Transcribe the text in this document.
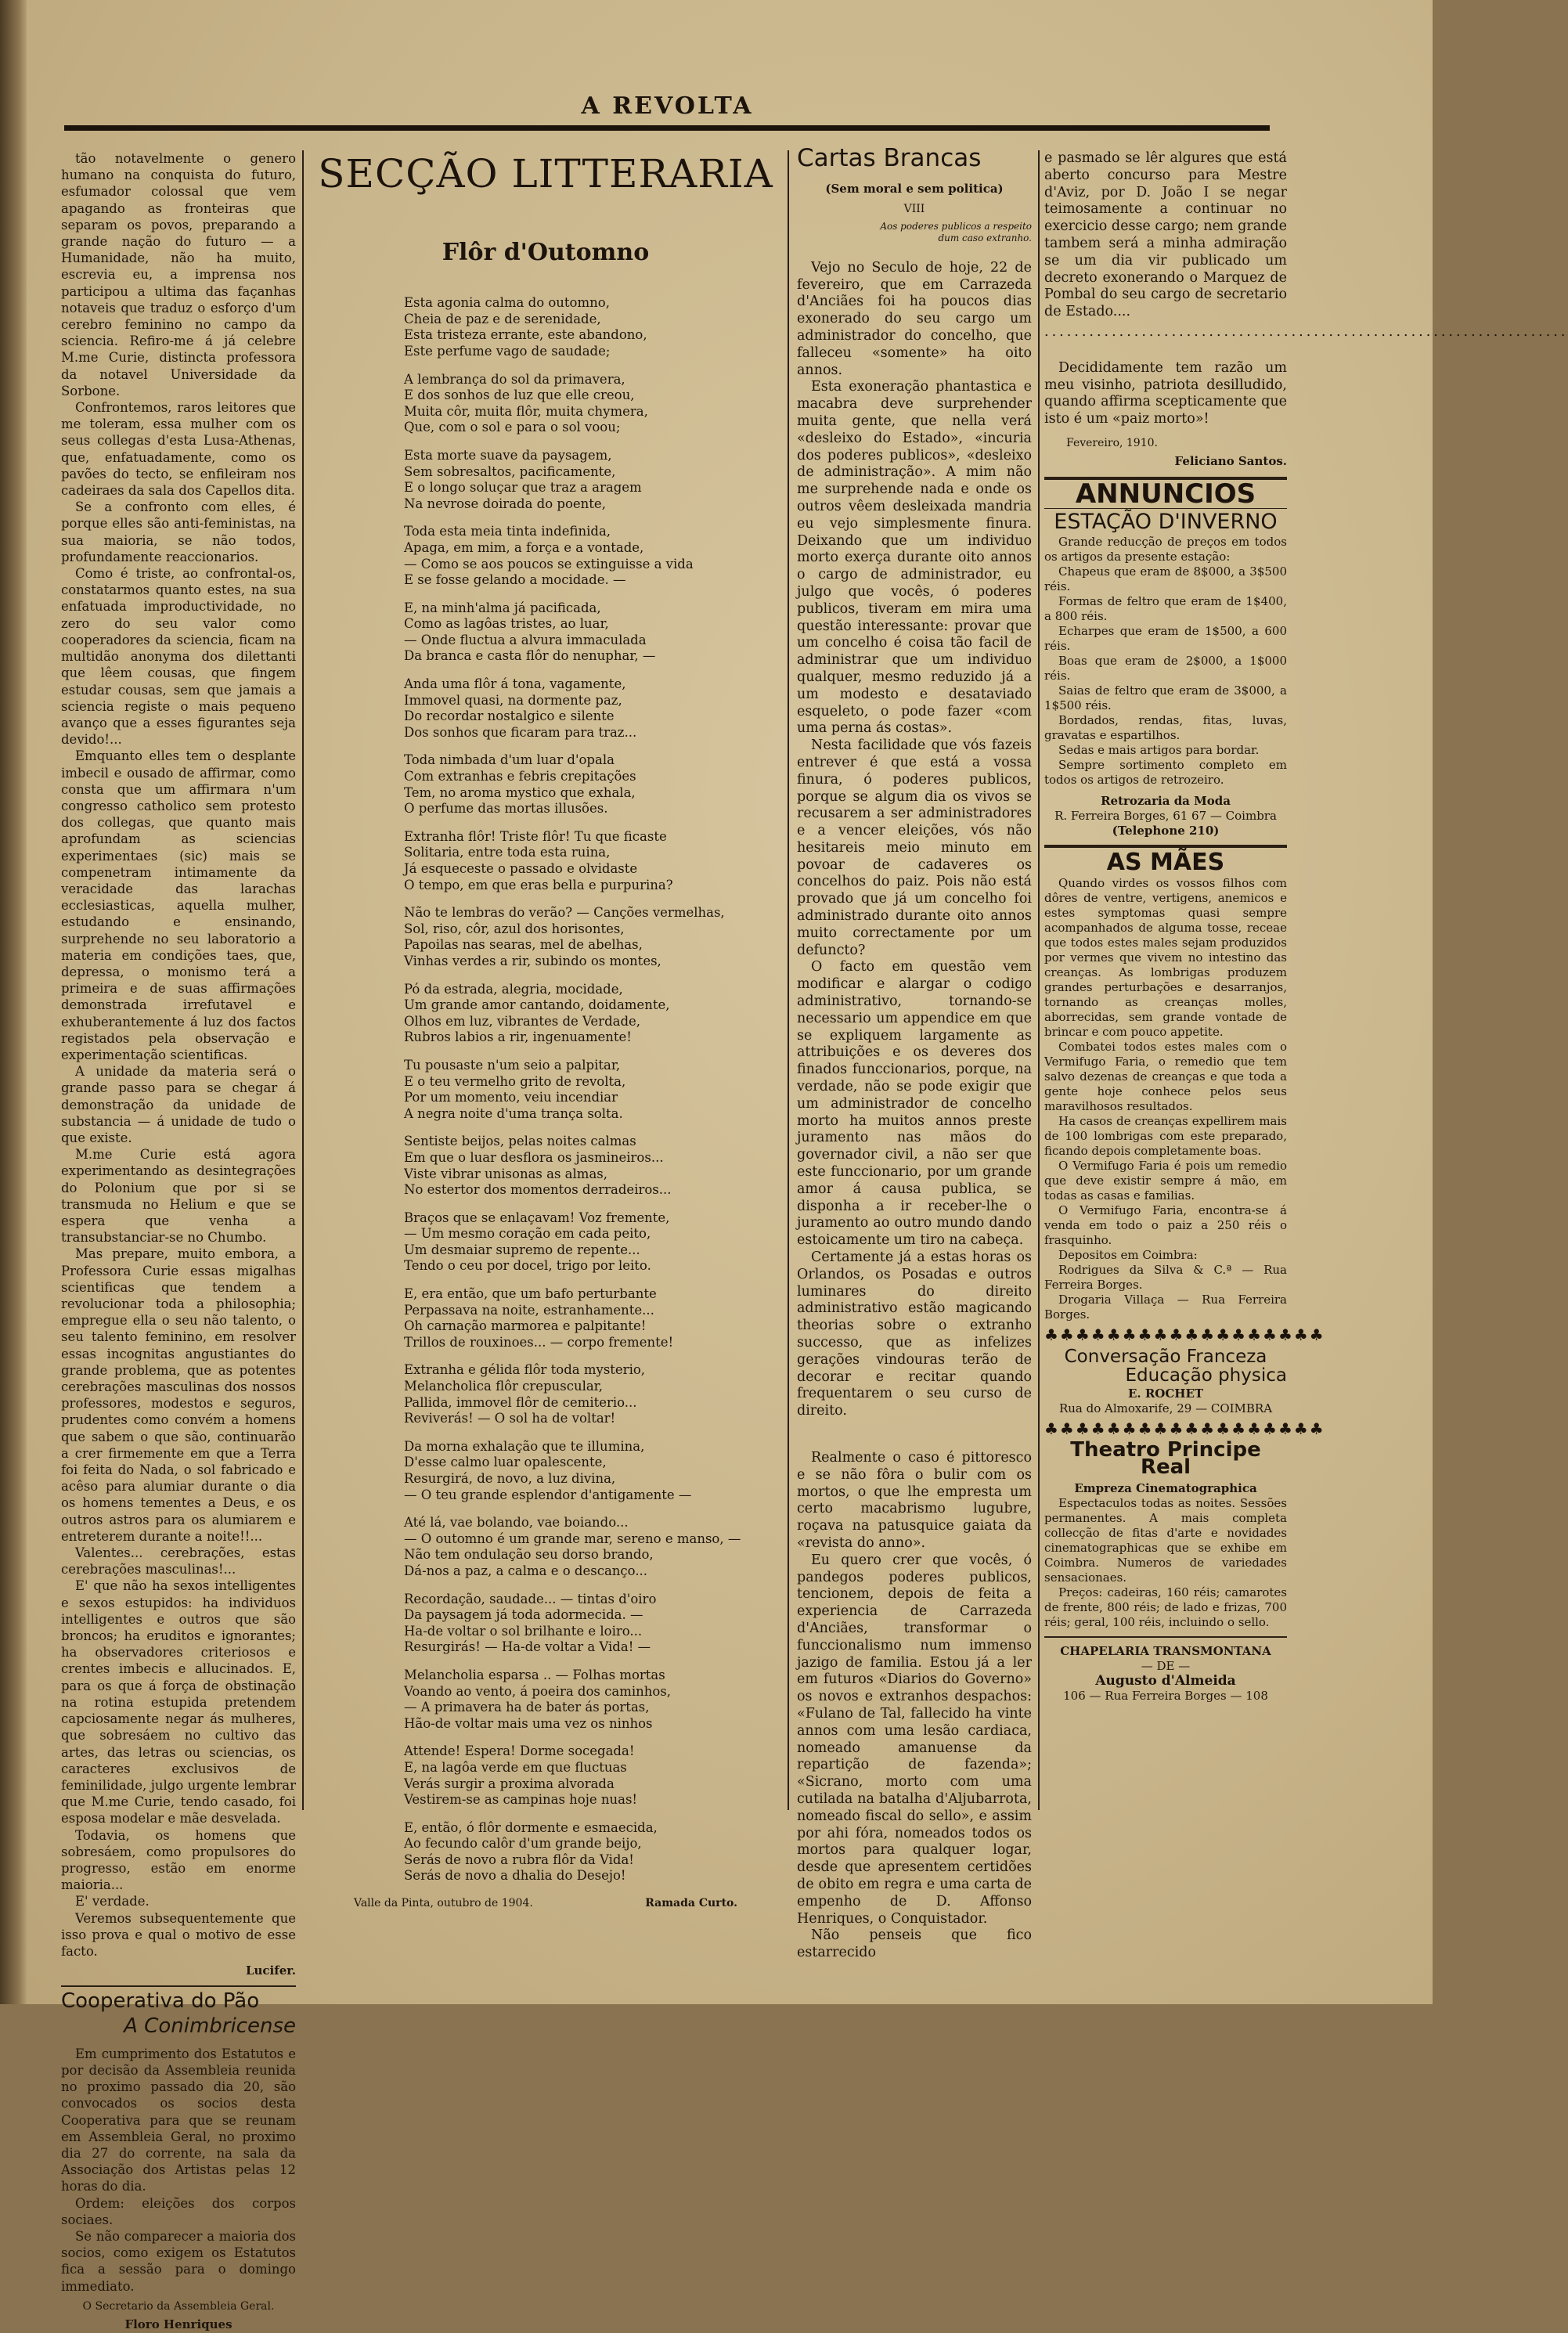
A REVOLTA

tão notavelmente o genero humano na conquista do futuro, esfumador colossal que vem apagando as fronteiras que separam os povos, preparando a grande nação do futuro — a Humanidade, não ha muito, escrevia eu, a imprensa nos participou a ultima das façanhas notaveis que traduz o esforço d'um cerebro feminino no campo da sciencia. Refiro-me á já celebre M.me Curie, distincta professora da notavel Universidade da Sorbone.

Confrontemos, raros leitores que me toleram, essa mulher com os seus collegas d'esta Lusa-Athenas, que, enfatuadamente, como os pavões do tecto, se enfileiram nos cadeiraes da sala dos Capellos dita.

Se a confronto com elles, é porque elles são anti-feministas, na sua maioria, se não todos, profundamente reaccionarios.

Como é triste, ao confrontal-os, constatarmos quanto estes, na sua enfatuada improductividade, no zero do seu valor como cooperadores da sciencia, ficam na multidão anonyma dos dilettanti que lêem cousas, que fingem estudar cousas, sem que jamais a sciencia registe o mais pequeno avanço que a esses figurantes seja devido!...

Emquanto elles tem o desplante imbecil e ousado de affirmar, como consta que um affirmara n'um congresso catholico sem protesto dos collegas, que quanto mais aprofundam as sciencias experimentaes (sic) mais se compenetram intimamente da veracidade das larachas ecclesiasticas, aquella mulher, estudando e ensinando, surprehende no seu laboratorio a materia em condições taes, que, depressa, o monismo terá a primeira e de suas affirmações demonstrada irrefutavel e exhuberantemente á luz dos factos registados pela observação e experimentação scientificas.

A unidade da materia será o grande passo para se chegar á demonstração da unidade de substancia — á unidade de tudo o que existe.

M.me Curie está agora experimentando as desintegrações do Polonium que por si se transmuda no Helium e que se espera que venha a transubstanciar-se no Chumbo.

Mas prepare, muito embora, a Professora Curie essas migalhas scientificas que tendem a revolucionar toda a philosophia; empregue ella o seu não talento, o seu talento feminino, em resolver essas incognitas angustiantes do grande problema, que as potentes cerebrações masculinas dos nossos professores, modestos e seguros, prudentes como convém a homens que sabem o que são, continuarão a crer firmemente em que a Terra foi feita do Nada, o sol fabricado e acêso para alumiar durante o dia os homens tementes a Deus, e os outros astros para os alumiarem e entreterem durante a noite!!...

Valentes... cerebrações, estas cerebrações masculinas!...

E' que não ha sexos intelligentes e sexos estupidos: ha individuos intelligentes e outros que são broncos; ha eruditos e ignorantes; ha observadores criteriosos e crentes imbecis e allucinados. E, para os que á força de obstinação na rotina estupida pretendem capciosamente negar ás mulheres, que sobresáem no cultivo das artes, das letras ou sciencias, os caracteres exclusivos de feminilidade, julgo urgente lembrar que M.me Curie, tendo casado, foi esposa modelar e mãe desvelada.

Todavia, os homens que sobresáem, como propulsores do progresso, estão em enorme maioria...

E' verdade.

Veremos subsequentemente que isso prova e qual o motivo de esse facto.

Lucifer.
Cooperativa do Pão
A Conimbricense

Em cumprimento dos Estatutos e por decisão da Assembleia reunida no proximo passado dia 20, são convocados os socios desta Cooperativa para que se reunam em Assembleia Geral, no proximo dia 27 do corrente, na sala da Associação dos Artistas pelas 12 horas do dia.

Ordem: eleições dos corpos sociaes.

Se não comparecer a maioria dos socios, como exigem os Estatutos fica a sessão para o domingo immediato.

O Secretario da Assembleia Geral.
Floro Henriques
SECÇÃO LITTERARIA
Flôr d'Outomno
Esta agonia calma do outomno,
Cheia de paz e de serenidade,
Esta tristeza errante, este abandono,
Este perfume vago de saudade;
A lembrança do sol da primavera,
E dos sonhos de luz que elle creou,
Muita côr, muita flôr, muita chymera,
Que, com o sol e para o sol voou;
Esta morte suave da paysagem,
Sem sobresaltos, pacificamente,
E o longo soluçar que traz a aragem
Na nevrose doirada do poente,
Toda esta meia tinta indefinida,
Apaga, em mim, a força e a vontade,
— Como se aos poucos se extinguisse a vida
E se fosse gelando a mocidade. —
E, na minh'alma já pacificada,
Como as lagôas tristes, ao luar,
— Onde fluctua a alvura immaculada
Da branca e casta flôr do nenuphar, —
Anda uma flôr á tona, vagamente,
Immovel quasi, na dormente paz,
Do recordar nostalgico e silente
Dos sonhos que ficaram para traz...
Toda nimbada d'um luar d'opala
Com extranhas e febris crepitações
Tem, no aroma mystico que exhala,
O perfume das mortas illusões.
Extranha flôr! Triste flôr! Tu que ficaste
Solitaria, entre toda esta ruina,
Já esqueceste o passado e olvidaste
O tempo, em que eras bella e purpurina?
Não te lembras do verão? — Canções vermelhas,
Sol, riso, côr, azul dos horisontes,
Papoilas nas searas, mel de abelhas,
Vinhas verdes a rir, subindo os montes,
Pó da estrada, alegria, mocidade,
Um grande amor cantando, doidamente,
Olhos em luz, vibrantes de Verdade,
Rubros labios a rir, ingenuamente!
Tu pousaste n'um seio a palpitar,
E o teu vermelho grito de revolta,
Por um momento, veiu incendiar
A negra noite d'uma trança solta.
Sentiste beijos, pelas noites calmas
Em que o luar desflora os jasmineiros...
Viste vibrar unisonas as almas,
No estertor dos momentos derradeiros...
Braços que se enlaçavam! Voz fremente,
— Um mesmo coração em cada peito,
Um desmaiar supremo de repente...
Tendo o ceu por docel, trigo por leito.
E, era então, que um bafo perturbante
Perpassava na noite, estranhamente...
Oh carnação marmorea e palpitante!
Trillos de rouxinoes... — corpo fremente!
Extranha e gélida flôr toda mysterio,
Melancholica flôr crepuscular,
Pallida, immovel flôr de cemiterio...
Reviverás! — O sol ha de voltar!
Da morna exhalação que te illumina,
D'esse calmo luar opalescente,
Resurgirá, de novo, a luz divina,
— O teu grande esplendor d'antigamente —
Até lá, vae bolando, vae boiando...
— O outomno é um grande mar, sereno e manso, —
Não tem ondulação seu dorso brando,
Dá-nos a paz, a calma e o descanço...
Recordação, saudade... — tintas d'oiro
Da paysagem já toda adormecida. —
Ha-de voltar o sol brilhante e loiro...
Resurgirás! — Ha-de voltar a Vida! —
Melancholia esparsa .. — Folhas mortas
Voando ao vento, á poeira dos caminhos,
— A primavera ha de bater ás portas,
Hão-de voltar mais uma vez os ninhos
Attende! Espera! Dorme socegada!
E, na lagôa verde em que fluctuas
Verás surgir a proxima alvorada
Vestirem-se as campinas hoje nuas!
E, então, ó flôr dormente e esmaecida,
Ao fecundo calôr d'um grande beijo,
Serás de novo a rubra flôr da Vida!
Serás de novo a dhalia do Desejo!
Valle da Pinta, outubro de 1904.	Ramada Curto.
Cartas Brancas
(Sem moral e sem politica)
VIII
Aos poderes publicos a respeito dum caso extranho.

Vejo no Seculo de hoje, 22 de fevereiro, que em Carrazeda d'Anciães foi ha poucos dias exonerado do seu cargo um administrador do concelho, que falleceu «somente» ha oito annos.

Esta exoneração phantastica e macabra deve surprehender muita gente, que nella verá «desleixo do Estado», «incuria dos poderes publicos», «desleixo de administração». A mim não me surprehende nada e onde os outros vêem desleixada mandria eu vejo simplesmente finura. Deixando que um individuo morto exerça durante oito annos o cargo de administrador, eu julgo que vocês, ó poderes publicos, tiveram em mira uma questão interessante: provar que um concelho é coisa tão facil de administrar que um individuo qualquer, mesmo reduzido já a um modesto e desataviado esqueleto, o pode fazer «com uma perna ás costas».

Nesta facilidade que vós fazeis entrever é que está a vossa finura, ó poderes publicos, porque se algum dia os vivos se recusarem a ser administradores e a vencer eleições, vós não hesitareis meio minuto em povoar de cadaveres os concelhos do paiz. Pois não está provado que já um concelho foi administrado durante oito annos muito correctamente por um defuncto?

O facto em questão vem modificar e alargar o codigo administrativo, tornando-se necessario um appendice em que se expliquem largamente as attribuições e os deveres dos finados funccionarios, porque, na verdade, não se pode exigir que um administrador de concelho morto ha muitos annos preste juramento nas mãos do governador civil, a não ser que este funccionario, por um grande amor á causa publica, se disponha a ir receber-lhe o juramento ao outro mundo dando estoicamente um tiro na cabeça.

Certamente já a estas horas os Orlandos, os Posadas e outros luminares do direito administrativo estão magicando theorias sobre o extranho successo, que as infelizes gerações vindouras terão de decorar e recitar quando frequentarem o seu curso de direito.

Realmente o caso é pittoresco e se não fôra o bulir com os mortos, o que lhe empresta um certo macabrismo lugubre, roçava na patusquice gaiata da «revista do anno».

Eu quero crer que vocês, ó pandegos poderes publicos, tencionem, depois de feita a experiencia de Carrazeda d'Anciães, transformar o funccionalismo num immenso jazigo de familia. Estou já a ler em futuros «Diarios do Governo» os novos e extranhos despachos: «Fulano de Tal, fallecido ha vinte annos com uma lesão cardiaca, nomeado amanuense da repartição de fazenda»; «Sicrano, morto com uma cutilada na batalha d'Aljubarrota, nomeado fiscal do sello», e assim por ahi fóra, nomeados todos os mortos para qualquer logar, desde que apresentem certidões de obito em regra e uma carta de empenho de D. Affonso Henriques, o Conquistador.

Não penseis que fico estarrecido

e pasmado se lêr algures que está aberto concurso para Mestre d'Aviz, por D. João I se negar teimosamente a continuar no exercicio desse cargo; nem grande tambem será a minha admiração se um dia vir publicado um decreto exonerando o Marquez de Pombal do seu cargo de secretario de Estado....

......................................................................

Decididamente tem razão um meu visinho, patriota desilludido, quando affirma scepticamente que isto é um «paiz morto»!

Fevereiro, 1910.
Feliciano Santos.
ANNUNCIOS
ESTAÇÃO D'INVERNO

Grande reducção de preços em todos os artigos da presente estação:

Chapeus que eram de 8$000, a 3$500 réis.

Formas de feltro que eram de 1$400, a 800 réis.

Echarpes que eram de 1$500, a 600 réis.

Boas que eram de 2$000, a 1$000 réis.

Saias de feltro que eram de 3$000, a 1$500 réis.

Bordados, rendas, fitas, luvas, gravatas e espartilhos.

Sedas e mais artigos para bordar.

Sempre sortimento completo em todos os artigos de retrozeiro.

Retrozaria da Moda
R. Ferreira Borges, 61 67 — Coimbra
(Telephone 210)
AS MÃES

Quando virdes os vossos filhos com dôres de ventre, vertigens, anemicos e estes symptomas quasi sempre acompanhados de alguma tosse, receae que todos estes males sejam produzidos por vermes que vivem no intestino das creanças. As lombrigas produzem grandes perturbações e desarranjos, tornando as creanças molles, aborrecidas, sem grande vontade de brincar e com pouco appetite.

Combatei todos estes males com o Vermifugo Faria, o remedio que tem salvo dezenas de creanças e que toda a gente hoje conhece pelos seus maravilhosos resultados.

Ha casos de creanças expellirem mais de 100 lombrigas com este preparado, ficando depois completamente boas.

O Vermifugo Faria é pois um remedio que deve existir sempre á mão, em todas as casas e familias.

O Vermifugo Faria, encontra-se á venda em todo o paiz a 250 réis o frasquinho.

Depositos em Coimbra:

Rodrigues da Silva & C.ª — Rua Ferreira Borges.

Drogaria Villaça — Rua Ferreira Borges.

♣♣♣♣♣♣♣♣♣♣♣♣♣♣♣♣♣♣
Conversação Franceza
Educação physica
E. ROCHET
Rua do Almoxarife, 29 — COIMBRA
♣♣♣♣♣♣♣♣♣♣♣♣♣♣♣♣♣♣
Theatro Principe Real
Empreza Cinematographica

Espectaculos todas as noites. Sessões permanentes. A mais completa collecção de fitas d'arte e novidades cinematographicas que se exhibe em Coimbra. Numeros de variedades sensacionaes.

Preços: cadeiras, 160 réis; camarotes de frente, 800 réis; de lado e frizas, 700 réis; geral, 100 réis, incluindo o sello.

CHAPELARIA TRANSMONTANA
— DE —
Augusto d'Almeida
106 — Rua Ferreira Borges — 108
